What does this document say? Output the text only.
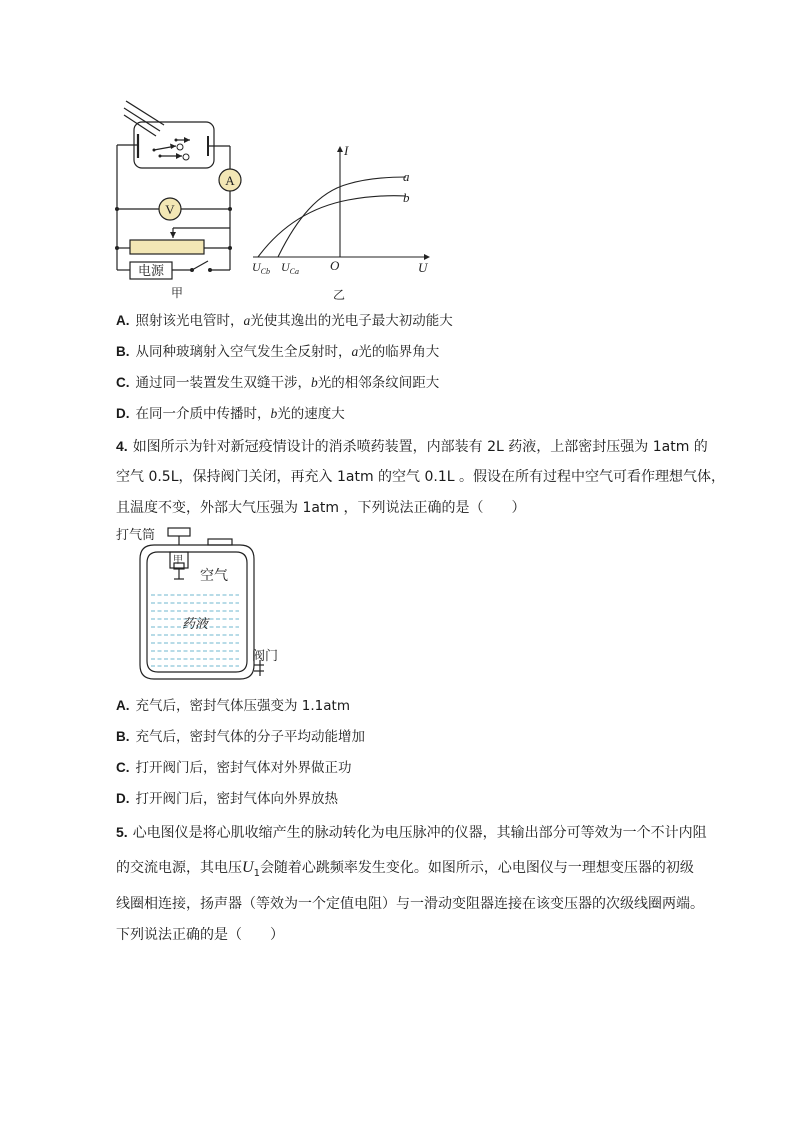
A
V
电源
甲
I
U
O
a
b
$U_{Cb}$ $U_{Ca}$
乙
A. 照射该光电管时，a光使其逸出的光电子最大初动能大
B. 从同种玻璃射入空气发生全反射时，a光的临界角大
C. 通过同一装置发生双缝干涉，b光的相邻条纹间距大
D. 在同一介质中传播时，b光的速度大
4. 如图所示为针对新冠疫情设计的消杀喷药装置，内部装有 2L 药液，上部密封压强为 1atm 的
空气 0.5L，保持阀门关闭，再充入 1atm 的空气 0.1L 。假设在所有过程中空气可看作理想气体，
且温度不变，外部大气压强为 1atm ，下列说法正确的是（　　）
打气筒
甲
空气
药液
阀门
A. 充气后，密封气体压强变为 1.1atm
B. 充气后，密封气体的分子平均动能增加
C. 打开阀门后，密封气体对外界做正功
D. 打开阀门后，密封气体向外界放热
5. 心电图仪是将心肌收缩产生的脉动转化为电压脉冲的仪器，其输出部分可等效为一个不计内阻
的交流电源，其电压$U_1$会随着心跳频率发生变化。如图所示，心电图仪与一理想变压器的初级
线圈相连接，扬声器（等效为一个定值电阻）与一滑动变阻器连接在该变压器的次级线圈两端。
下列说法正确的是（　　）
